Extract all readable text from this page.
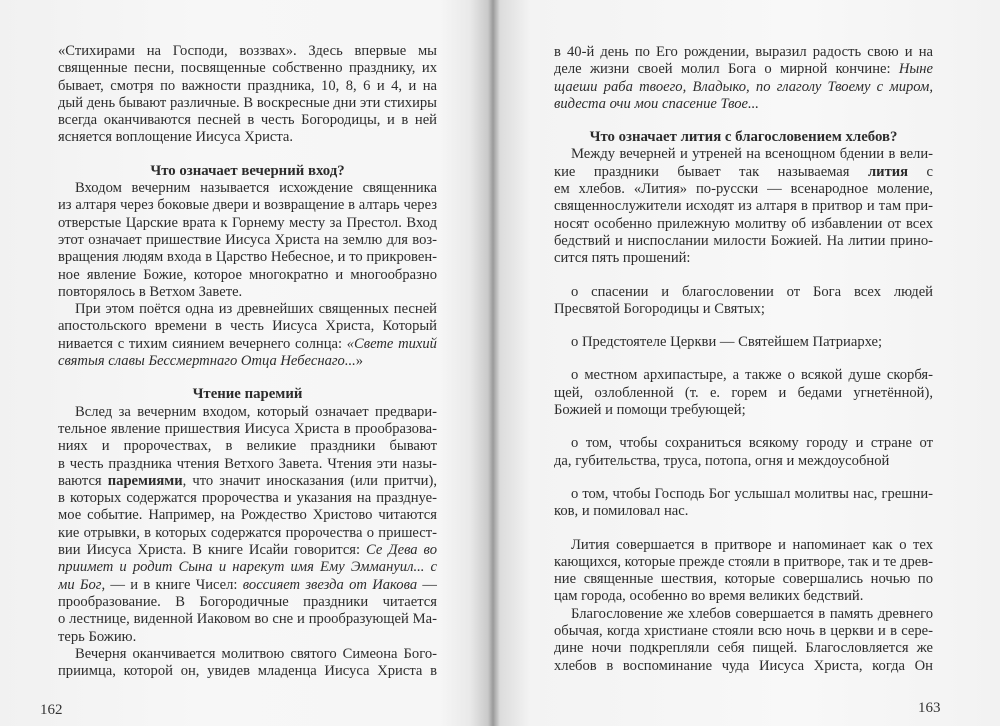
«Стихирами на Господи, воззвах». Здесь впервые мы
священные песни, посвященные собственно празднику, их
бывает, смотря по важности праздника, 10, 8, 6 и 4, и на
дый день бывают различные. В воскресные дни эти стихиры
всегда оканчиваются песней в честь Богородицы, и в ней
ясняется воплощение Иисуса Христа.
Что означает вечерний вход?
Входом вечерним называется исхождение священника
из алтаря через боковые двери и возвращение в алтарь через
отверстые Царские врата к Горнему месту за Престол. Вход
этот означает пришествие Иисуса Христа на землю для воз-
вращения людям входа в Царство Небесное, и то прикровен-
ное явление Божие, которое многократно и многообразно
повторялось в Ветхом Завете.
При этом поётся одна из древнейших священных песней
апостольского времени в честь Иисуса Христа, Который
нивается с тихим сиянием вечернего солнца: «Свете тихий
святыя славы Бессмертнаго Отца Небеснаго...»
Чтение паремий
Вслед за вечерним входом, который означает предвари-
тельное явление пришествия Иисуса Христа в прообразова-
ниях и пророчествах, в великие праздники бывают
в честь праздника чтения Ветхого Завета. Чтения эти назы-
ваются паремиями, что значит иносказания (или притчи),
в которых содержатся пророчества и указания на празднуе-
мое событие. Например, на Рождество Христово читаются
кие отрывки, в которых содержатся пророчества о пришест-
вии Иисуса Христа. В книге Исайи говорится: Се Дева во
приимет и родит Сына и нарекут имя Ему Эммануил... с
ми Бог, — и в книге Чисел: воссияет звезда от Иакова —
прообразование. В Богородичные праздники читается
о лестнице, виденной Иаковом во сне и прообразующей Ма-
терь Божию.
Вечерня оканчивается молитвою святого Симеона Бого-
приимца, которой он, увидев младенца Иисуса Христа в
в 40-й день по Его рождении, выразил радость свою и на
деле жизни своей молил Бога о мирной кончине: Ныне
щаеши раба твоего, Владыко, по глаголу Твоему с миром,
видеста очи мои спасение Твое...
Что означает лития с благословением хлебов?
Между вечерней и утреней на всенощном бдении в вели-
кие праздники бывает так называемая лития с
ем хлебов. «Лития» по-русски — всенародное моление,
священнослужители исходят из алтаря в притвор и там при-
носят особенно прилежную молитву об избавлении от всех
бедствий и ниспослании милости Божией. На литии прино-
сится пять прошений:
о спасении и благословении от Бога всех людей
Пресвятой Богородицы и Святых;
о Предстоятеле Церкви — Святейшем Патриархе;
о местном архипастыре, а также о всякой душе скорбя-
щей, озлобленной (т. е. горем и бедами угнетённой),
Божией и помощи требующей;
о том, чтобы сохраниться всякому городу и стране от
да, губительства, труса, потопа, огня и междоусобной
о том, чтобы Господь Бог услышал молитвы нас, грешни-
ков, и помиловал нас.
Лития совершается в притворе и напоминает как о тех
кающихся, которые прежде стояли в притворе, так и те древ-
ние священные шествия, которые совершались ночью по
цам города, особенно во время великих бедствий.
Благословение же хлебов совершается в память древнего
обычая, когда христиане стояли всю ночь в церкви и в сере-
дине ночи подкрепляли себя пищей. Благословляется же
хлебов в воспоминание чуда Иисуса Христа, когда Он
162	163
